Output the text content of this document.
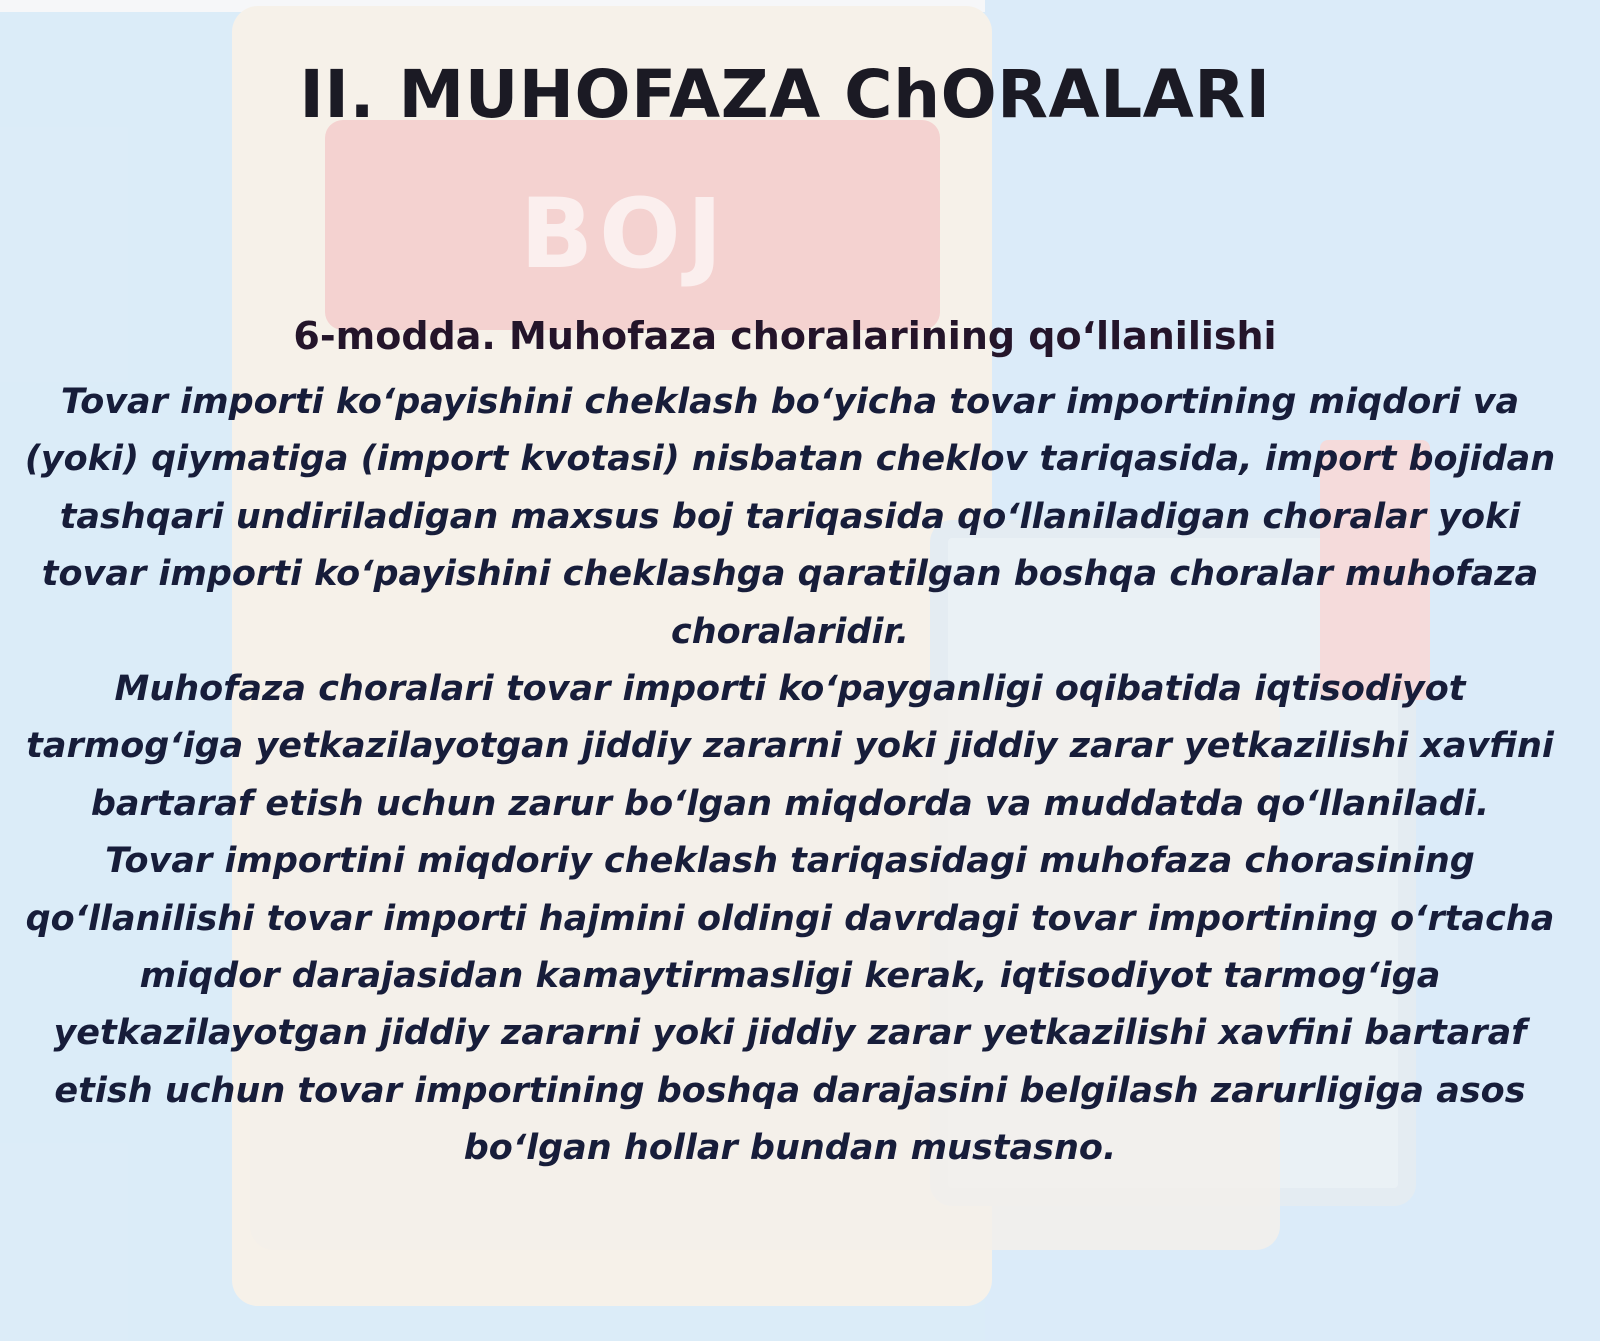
BOJ
II. MUHOFAZA ChORALARI
6-modda. Muhofaza choralarining qo‘llanilishi

Tovar importi ko‘payishini cheklash bo‘yicha tovar importining miqdori va
(yoki) qiymatiga (import kvotasi) nisbatan cheklov tariqasida, import bojidan
tashqari undiriladigan maxsus boj tariqasida qo‘llaniladigan choralar yoki
tovar importi ko‘payishini cheklashga qaratilgan boshqa choralar muhofaza
choralaridir.
Muhofaza choralari tovar importi ko‘payganligi oqibatida iqtisodiyot
tarmog‘iga yetkazilayotgan jiddiy zararni yoki jiddiy zarar yetkazilishi xavfini
bartaraf etish uchun zarur bo‘lgan miqdorda va muddatda qo‘llaniladi.
Tovar importini miqdoriy cheklash tariqasidagi muhofaza chorasining
qo‘llanilishi tovar importi hajmini oldingi davrdagi tovar importining o‘rtacha
miqdor darajasidan kamaytirmasligi kerak, iqtisodiyot tarmog‘iga
yetkazilayotgan jiddiy zararni yoki jiddiy zarar yetkazilishi xavfini bartaraf
etish uchun tovar importining boshqa darajasini belgilash zarurligiga asos
bo‘lgan hollar bundan mustasno.
